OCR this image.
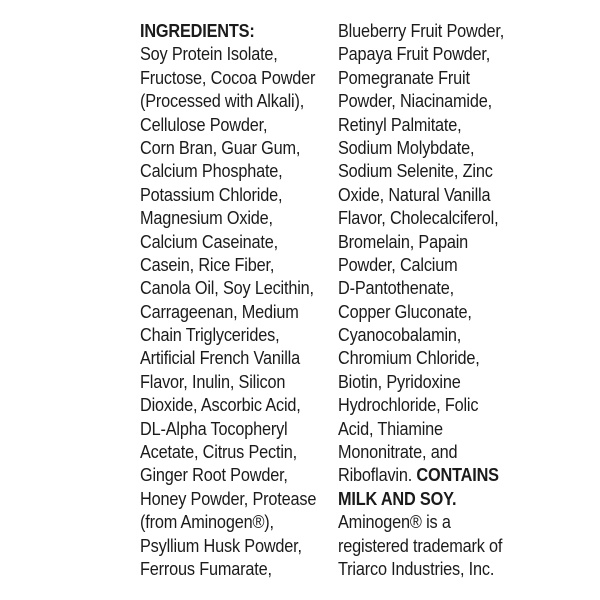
INGREDIENTS:
Soy Protein Isolate,
Fructose, Cocoa Powder
(Processed with Alkali),
Cellulose Powder,
Corn Bran, Guar Gum,
Calcium Phosphate,
Potassium Chloride,
Magnesium Oxide,
Calcium Caseinate,
Casein, Rice Fiber,
Canola Oil, Soy Lecithin,
Carrageenan, Medium
Chain Triglycerides,
Artificial French Vanilla
Flavor, Inulin, Silicon
Dioxide, Ascorbic Acid,
DL-Alpha Tocopheryl
Acetate, Citrus Pectin,
Ginger Root Powder,
Honey Powder, Protease
(from Aminogen®),
Psyllium Husk Powder,
Ferrous Fumarate,
Blueberry Fruit Powder,
Papaya Fruit Powder,
Pomegranate Fruit
Powder, Niacinamide,
Retinyl Palmitate,
Sodium Molybdate,
Sodium Selenite, Zinc
Oxide, Natural Vanilla
Flavor, Cholecalciferol,
Bromelain, Papain
Powder, Calcium
D-Pantothenate,
Copper Gluconate,
Cyanocobalamin,
Chromium Chloride,
Biotin, Pyridoxine
Hydrochloride, Folic
Acid, Thiamine
Mononitrate, and
Riboflavin. CONTAINS
MILK AND SOY.
Aminogen® is a
registered trademark of
Triarco Industries, Inc.
